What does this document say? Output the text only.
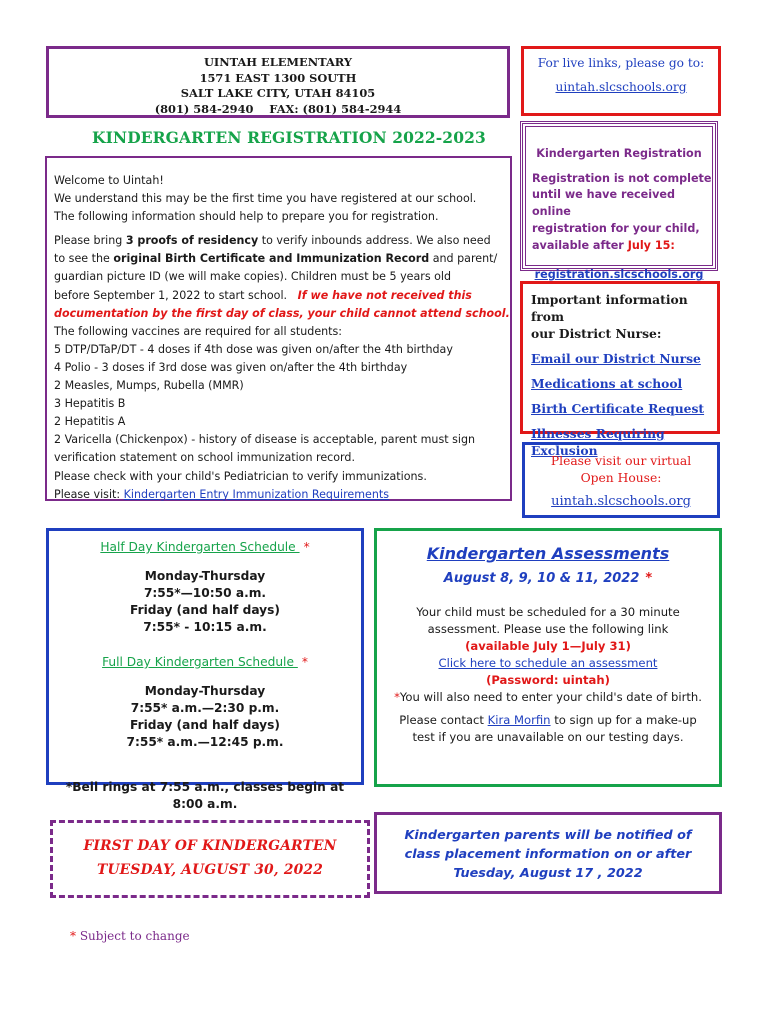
UINTAH ELEMENTARY
1571 EAST 1300 SOUTH
SALT LAKE CITY, UTAH 84105
(801) 584-2940    FAX: (801) 584-2944
For live links, please go to:
uintah.slcschools.org
KINDERGARTEN REGISTRATION 2022-2023

Welcome to Uintah!

We understand this may be the first time you have registered at our school.

The following information should help to prepare you for registration.

Please bring 3 proofs of residency to verify inbounds address. We also need

to see the original Birth Certificate and Immunization Record and parent/

guardian picture ID (we will make copies). Children must be 5 years old

before September 1, 2022 to start school. If we have not received this

documentation by the first day of class, your child cannot attend school.

The following vaccines are required for all students:

5 DTP/DTaP/DT - 4 doses if 4th dose was given on/after the 4th birthday

4 Polio - 3 doses if 3rd dose was given on/after the 4th birthday

2 Measles, Mumps, Rubella (MMR)

3 Hepatitis B

2 Hepatitis A

2 Varicella (Chickenpox) - history of disease is acceptable, parent must sign

verification statement on school immunization record.

Please check with your child's Pediatrician to verify immunizations.

Please visit: Kindergarten Entry Immunization Requirements

Kindergarten Registration
Registration is not complete
until we have received online
registration for your child,
available after July 15:
registration.slcschools.org
Important information from
our District Nurse:
Email our District Nurse
Medications at school
Birth Certificate Request
Illnesses Requiring Exclusion
Please visit our virtual
Open House:
uintah.slcschools.org
Half Day Kindergarten Schedule *
Monday-Thursday
7:55*—10:50 a.m.
Friday (and half days)
7:55* - 10:15 a.m.
Full Day Kindergarten Schedule *
Monday-Thursday
7:55* a.m.—2:30 p.m.
Friday (and half days)
7:55* a.m.—12:45 p.m.
*Bell rings at 7:55 a.m., classes begin at 8:00 a.m.
Kindergarten Assessments
August 8, 9, 10 & 11, 2022 *
Your child must be scheduled for a 30 minute
assessment. Please use the following link
(available July 1—July 31)
Click here to schedule an assessment
(Password: uintah)
*You will also need to enter your child's date of birth.
Please contact Kira Morfin to sign up for a make-up
test if you are unavailable on our testing days.
FIRST DAY OF KINDERGARTEN
TUESDAY, AUGUST 30, 2022
Kindergarten parents will be notified of
class placement information on or after
Tuesday, August 17 , 2022
* Subject to change
